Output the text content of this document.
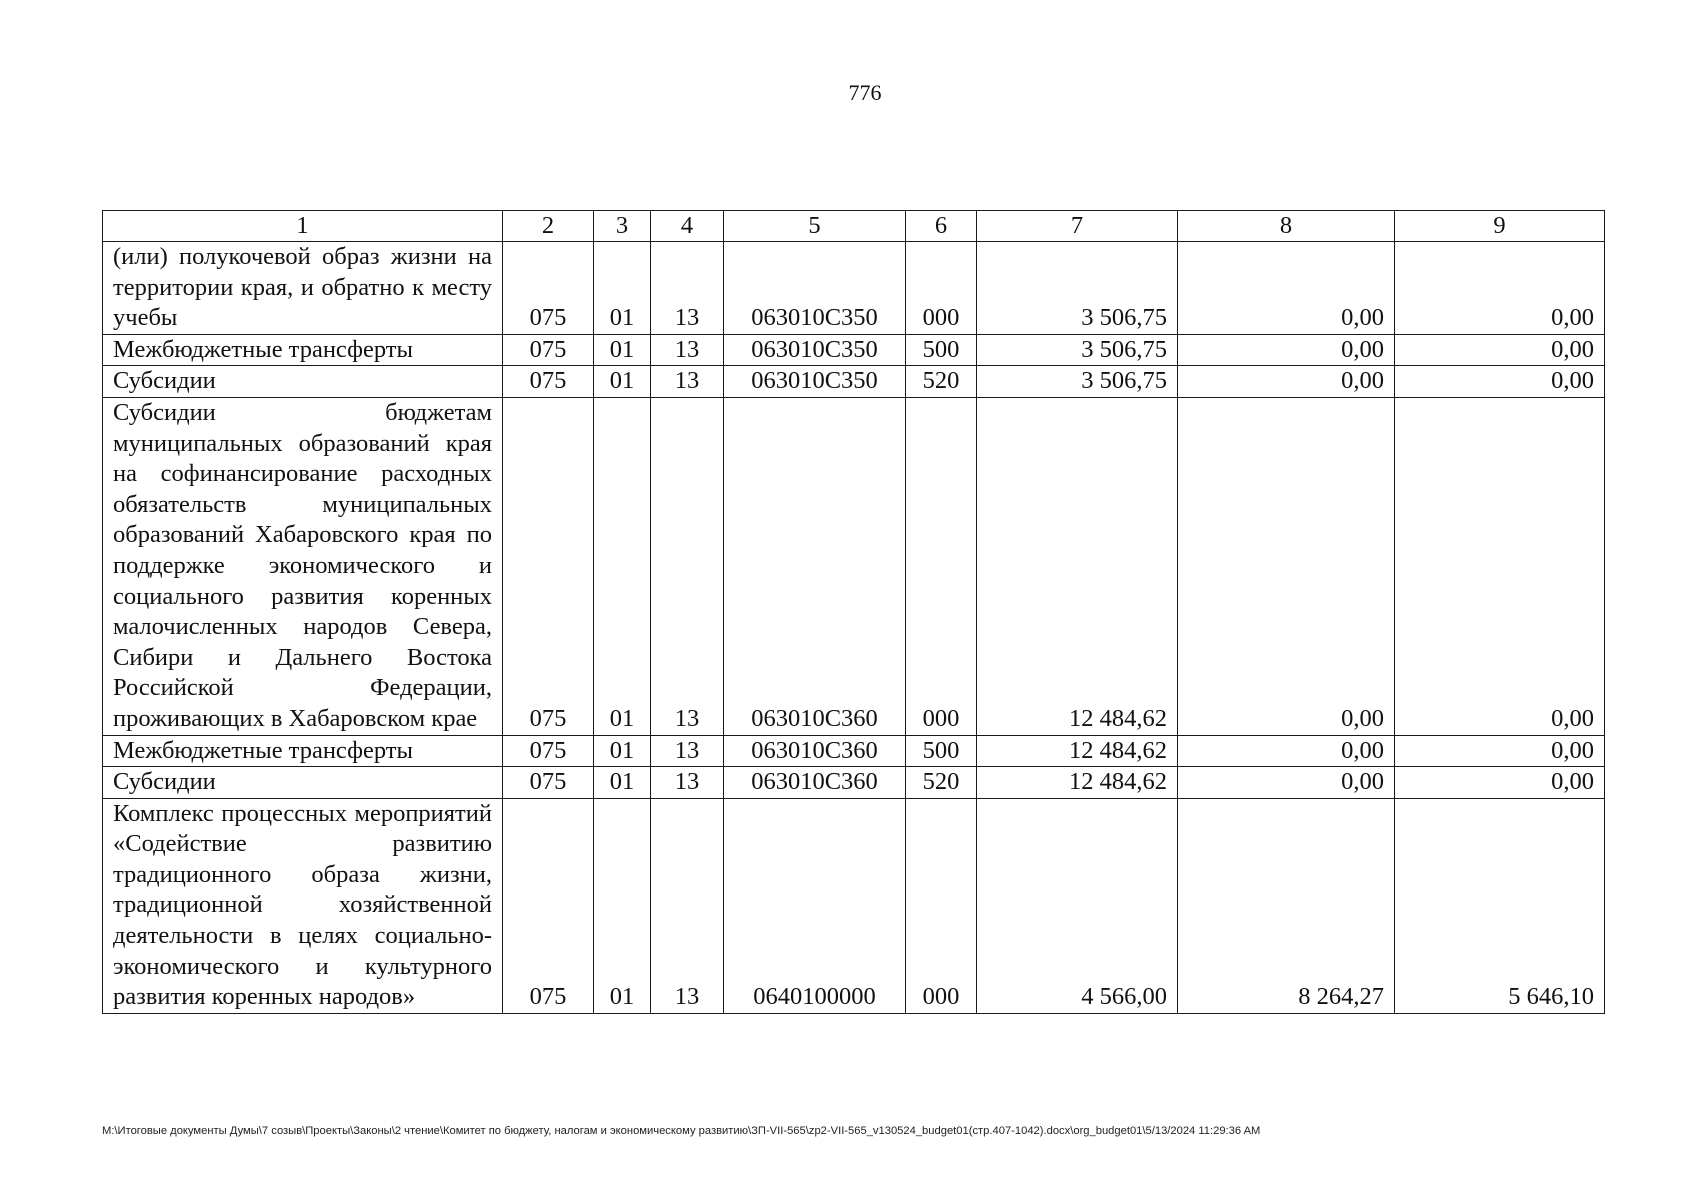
776
1	2	3	4	5	6	7	8	9
(или) полукочевой образ жизни на территории края, и обратно к месту учебы	075	01	13	063010С350	000	3 506,75	0,00	0,00
Межбюджетные трансферты	075	01	13	063010С350	500	3 506,75	0,00	0,00
Субсидии	075	01	13	063010С350	520	3 506,75	0,00	0,00
Субсидии бюджетам муниципальных образований края на софинансирование расходных обязательств муниципальных образований Хабаровского края по поддержке экономического и социального развития коренных малочисленных народов Севера, Сибири и Дальнего Востока Российской Федерации, проживающих в Хабаровском крае	075	01	13	063010С360	000	12 484,62	0,00	0,00
Межбюджетные трансферты	075	01	13	063010С360	500	12 484,62	0,00	0,00
Субсидии	075	01	13	063010С360	520	12 484,62	0,00	0,00
Комплекс процессных мероприятий «Содействие развитию традиционного образа жизни, традиционной хозяйственной деятельности в целях социально-экономического и культурного развития коренных народов»	075	01	13	0640100000	000	4 566,00	8 264,27	5 646,10
M:\Итоговые документы Думы\7 созыв\Проекты\Законы\2 чтение\Комитет по бюджету, налогам и экономическому развитию\ЗП-VII-565\zp2-VII-565_v130524_budget01(стр.407-1042).docx\org_budget01\5/13/2024 11:29:36 AM
